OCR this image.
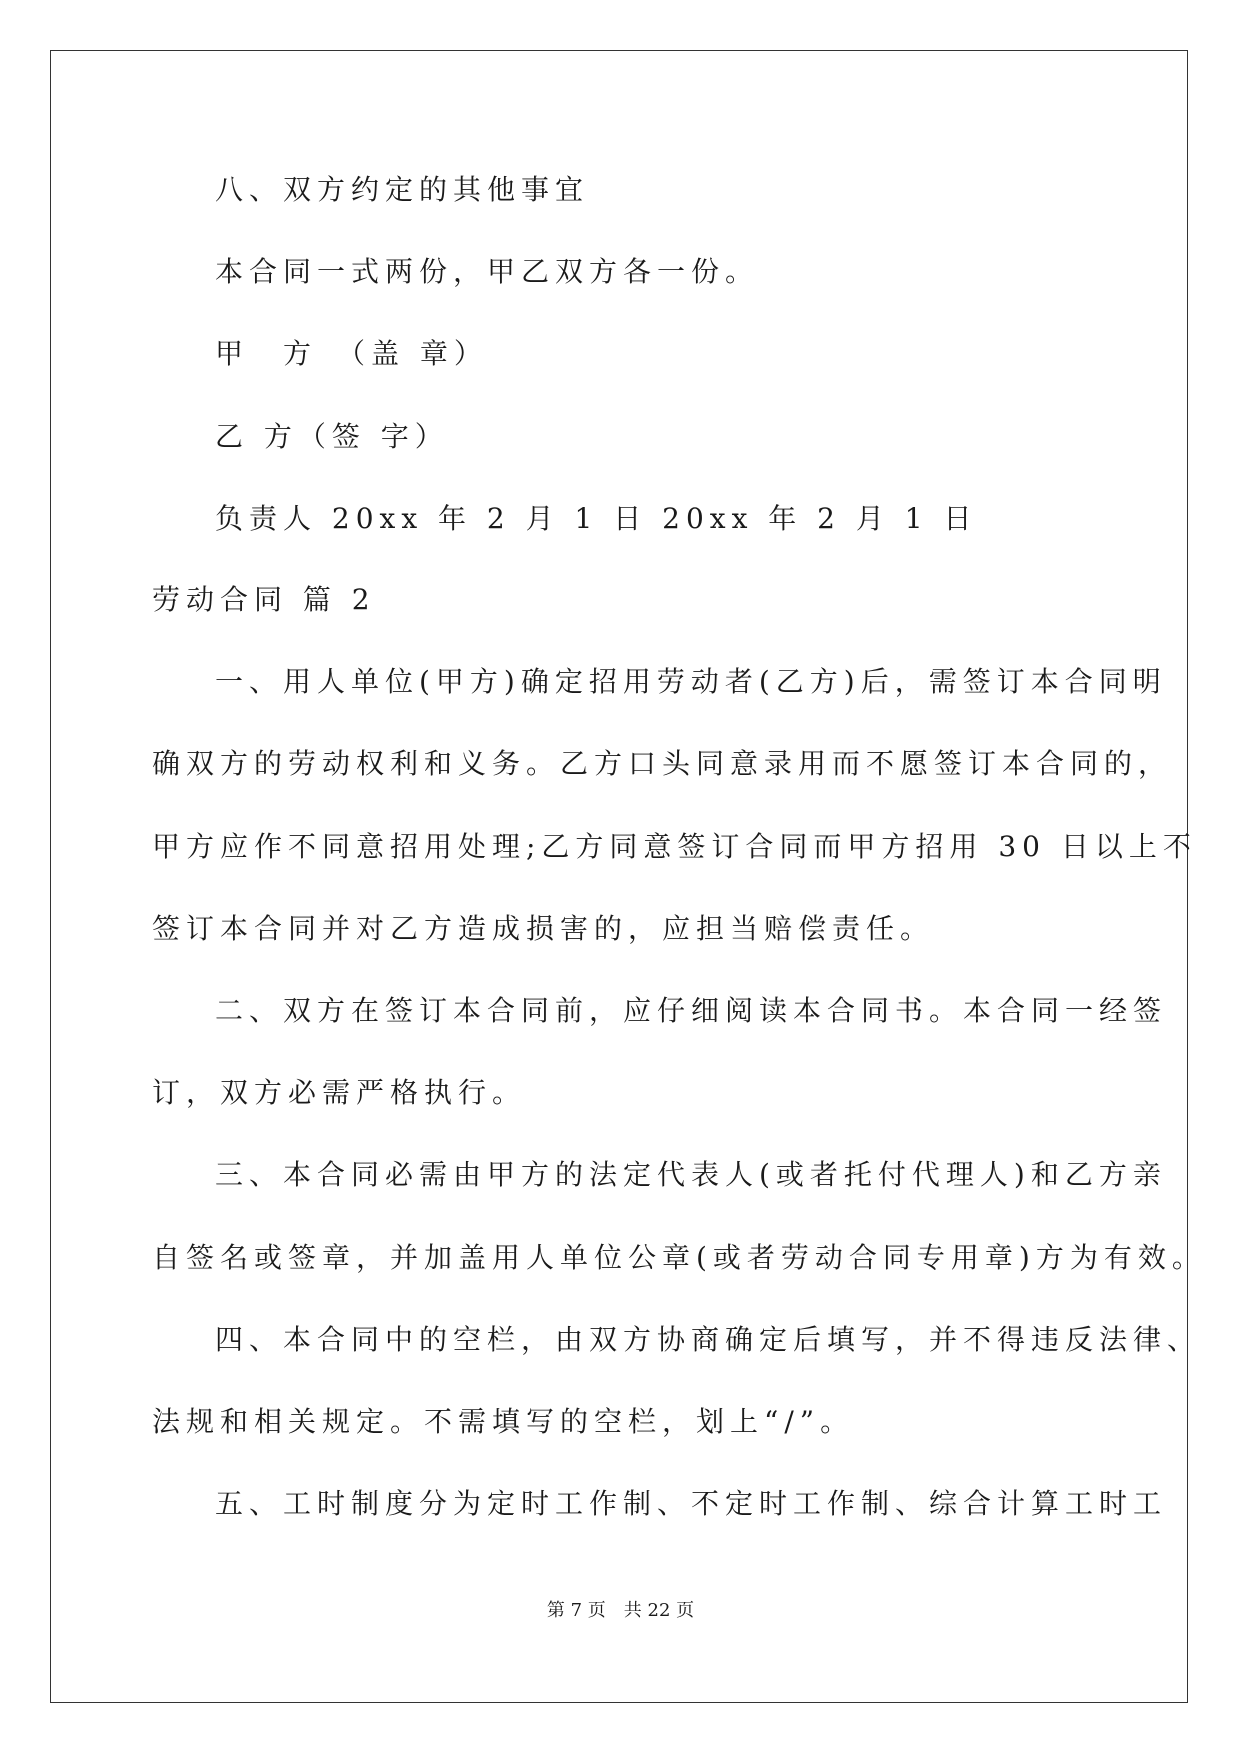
八、双方约定的其他事宜
本合同一式两份，甲乙双方各一份。
甲　方　（盖 章）
乙 方（签 字）
负责人 20xx 年 2 月 1 日 20xx 年 2 月 1 日
劳动合同 篇 2
一、用人单位(甲方)确定招用劳动者(乙方)后，需签订本合同明
确双方的劳动权利和义务。乙方口头同意录用而不愿签订本合同的，
甲方应作不同意招用处理;乙方同意签订合同而甲方招用 30 日以上不
签订本合同并对乙方造成损害的，应担当赔偿责任。
二、双方在签订本合同前，应仔细阅读本合同书。本合同一经签
订，双方必需严格执行。
三、本合同必需由甲方的法定代表人(或者托付代理人)和乙方亲
自签名或签章，并加盖用人单位公章(或者劳动合同专用章)方为有效。
四、本合同中的空栏，由双方协商确定后填写，并不得违反法律、
法规和相关规定。不需填写的空栏，划上“/”。
五、工时制度分为定时工作制、不定时工作制、综合计算工时工
第 7 页 共 22 页
